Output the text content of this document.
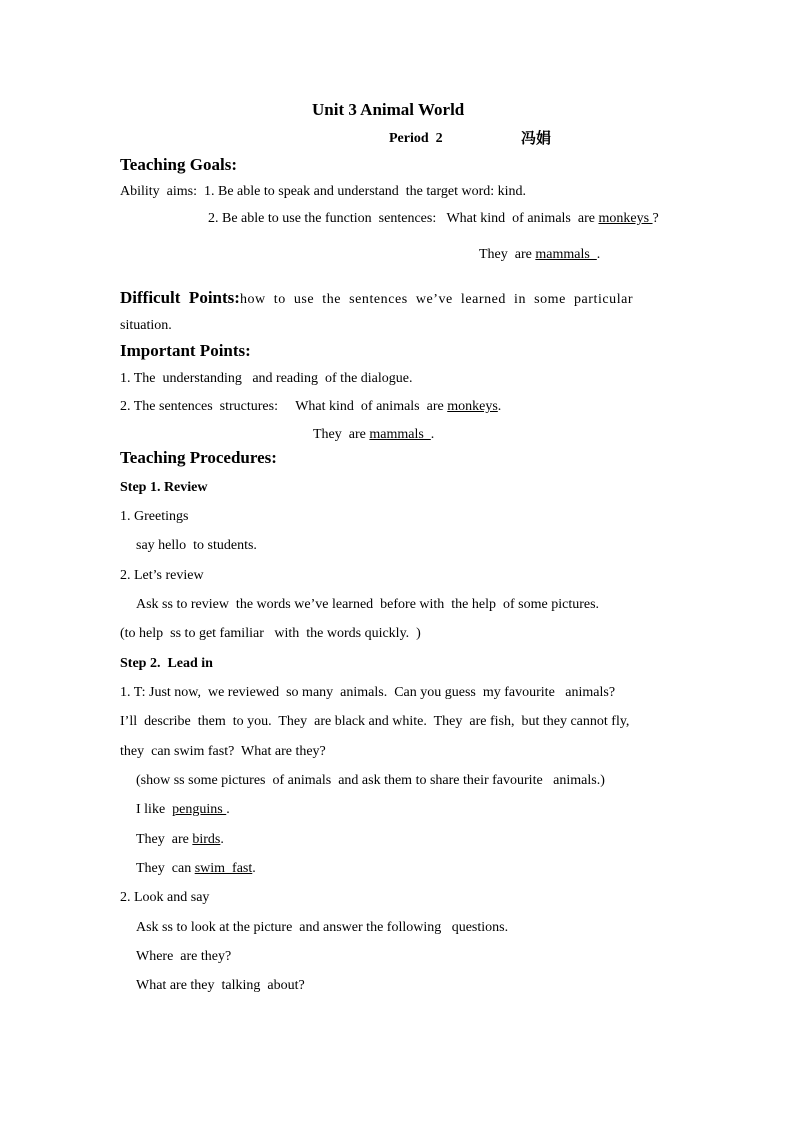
Unit 3 Animal World
Period  2	冯娟
Teaching Goals:
Ability  aims:  1. Be able to speak and understand  the target word: kind.
2. Be able to use the function  sentences:   What kind  of animals  are monkeys ?
They  are mammals  .
Difficult  Points:how  to  use  the  sentences  we’ve  learned  in  some  particular
situation.
Important Points:
1. The  understanding   and reading  of the dialogue.
2. The sentences  structures:     What kind  of animals  are monkeys.
They  are mammals  .
Teaching Procedures:
Step 1. Review
1. Greetings
say hello  to students.
2. Let’s review
Ask ss to review  the words we’ve learned  before with  the help  of some pictures.
(to help  ss to get familiar   with  the words quickly.  )
Step 2.  Lead in
1. T: Just now,  we reviewed  so many  animals.  Can you guess  my favourite   animals?
I’ll  describe  them  to you.  They  are black and white.  They  are fish,  but they cannot fly,
they  can swim fast?  What are they?
(show ss some pictures  of animals  and ask them to share their favourite   animals.)
I like  penguins .
They  are birds.
They  can swim  fast.
2. Look and say
Ask ss to look at the picture  and answer the following   questions.
Where  are they?
What are they  talking  about?
